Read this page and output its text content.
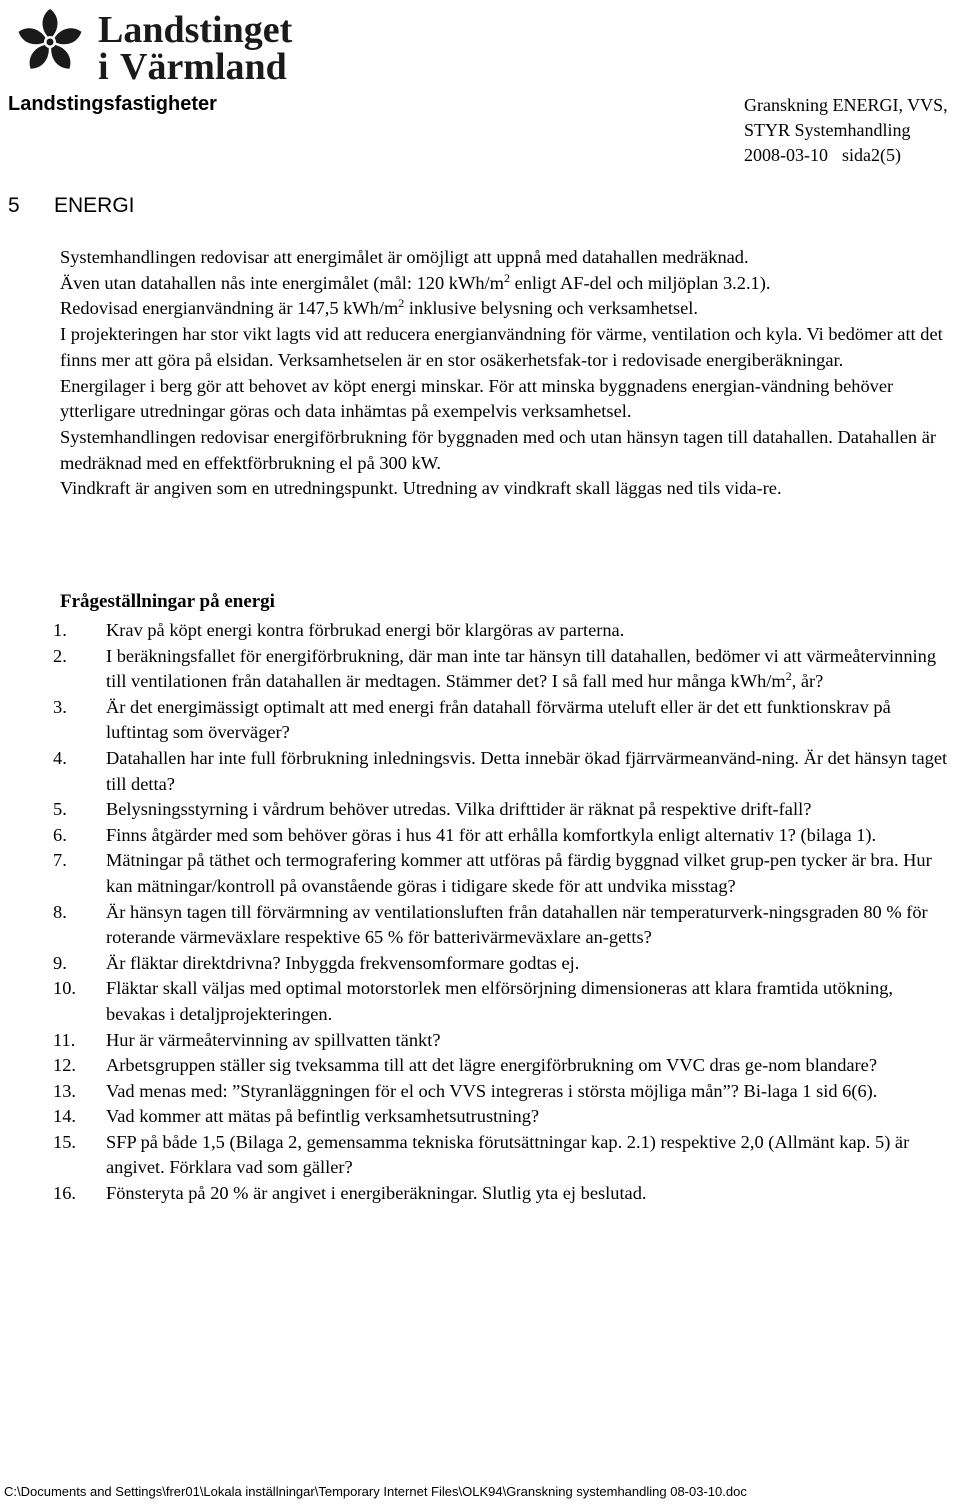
Landstinget
i Värmland
Landstingsfastigheter	Granskning ENERGI, VVS,
STYR Systemhandling
2008-03-10 sida2(5)
5 ENERGI

Systemhandlingen redovisar att energimålet är omöjligt att uppnå med datahallen medräknad.

Även utan datahallen nås inte energimålet (mål: 120 kWh/$m^2$ enligt AF-del och miljöplan 3.2.1).

Redovisad energianvändning är 147,5 kWh/$m^2$ inklusive belysning och verksamhetsel.

I projekteringen har stor vikt lagts vid att reducera energianvändning för värme, ventilation och kyla. Vi bedömer att det finns mer att göra på elsidan. Verksamhetselen är en stor osäkerhetsfak-tor i redovisade energiberäkningar.

Energilager i berg gör att behovet av köpt energi minskar. För att minska byggnadens energian-vändning behöver ytterligare utredningar göras och data inhämtas på exempelvis verksamhetsel.

Systemhandlingen redovisar energiförbrukning för byggnaden med och utan hänsyn tagen till datahallen. Datahallen är medräknad med en effektförbrukning el på 300 kW.

Vindkraft är angiven som en utredningspunkt. Utredning av vindkraft skall läggas ned tils vida-re.

Frågeställningar på energi
1.	Krav på köpt energi kontra förbrukad energi bör klargöras av parterna.
2.	I beräkningsfallet för energiförbrukning, där man inte tar hänsyn till datahallen, bedömer vi att värmeåtervinning till ventilationen från datahallen är medtagen. Stämmer det? I så fall med hur många kWh/$m^2$, år?
3.	Är det energimässigt optimalt att med energi från datahall förvärma uteluft eller är det ett funktionskrav på luftintag som överväger?
4.	Datahallen har inte full förbrukning inledningsvis. Detta innebär ökad fjärrvärmeanvänd-ning. Är det hänsyn taget till detta?
5.	Belysningsstyrning i vårdrum behöver utredas. Vilka drifttider är räknat på respektive drift-fall?
6.	Finns åtgärder med som behöver göras i hus 41 för att erhålla komfortkyla enligt alternativ 1? (bilaga 1).
7.	Mätningar på täthet och termografering kommer att utföras på färdig byggnad vilket grup-pen tycker är bra. Hur kan mätningar/kontroll på ovanstående göras i tidigare skede för att undvika misstag?
8.	Är hänsyn tagen till förvärmning av ventilationsluften från datahallen när temperaturverk-ningsgraden 80 % för roterande värmeväxlare respektive 65 % för batterivärmeväxlare an-getts?
9.	Är fläktar direktdrivna? Inbyggda frekvensomformare godtas ej.
10.	Fläktar skall väljas med optimal motorstorlek men elförsörjning dimensioneras att klara framtida utökning, bevakas i detaljprojekteringen.
11.	Hur är värmeåtervinning av spillvatten tänkt?
12.	Arbetsgruppen ställer sig tveksamma till att det lägre energiförbrukning om VVC dras ge-nom blandare?
13.	Vad menas med: ”Styranläggningen för el och VVS integreras i största möjliga mån”? Bi-laga 1 sid 6(6).
14.	Vad kommer att mätas på befintlig verksamhetsutrustning?
15.	SFP på både 1,5 (Bilaga 2, gemensamma tekniska förutsättningar kap. 2.1) respektive 2,0 (Allmänt kap. 5) är angivet. Förklara vad som gäller?
16.	Fönsteryta på 20 % är angivet i energiberäkningar. Slutlig yta ej beslutad.
C:\Documents and Settings\frer01\Lokala inställningar\Temporary Internet Files\OLK94\Granskning systemhandling 08-03-10.doc
